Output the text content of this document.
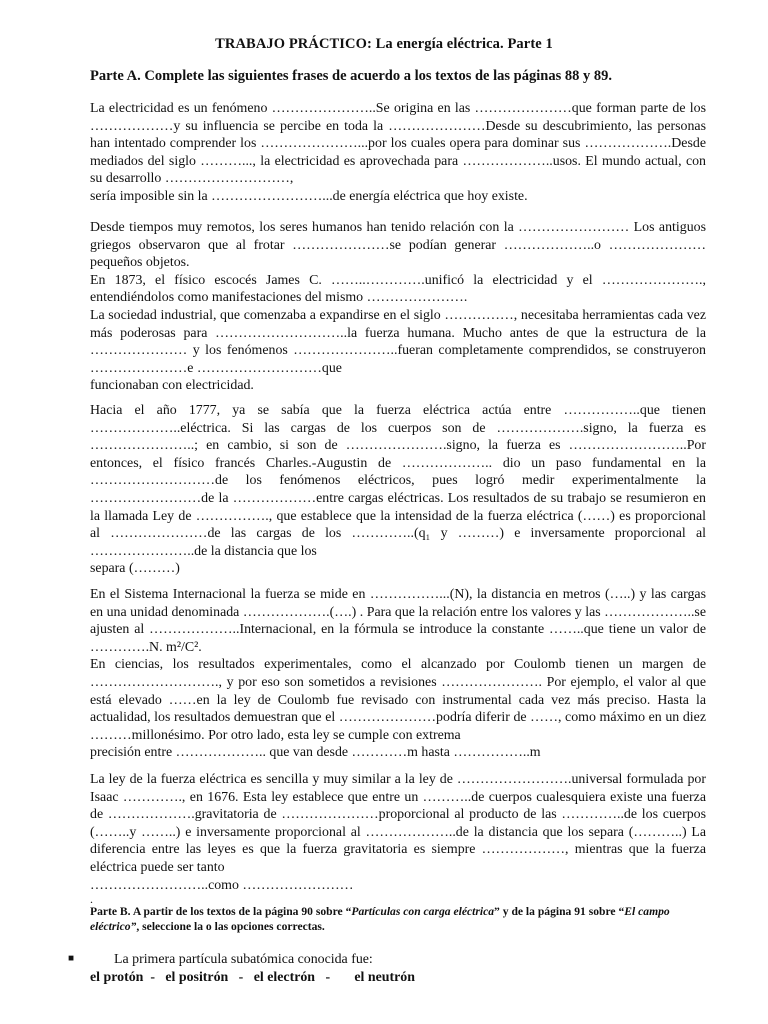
TRABAJO PRÁCTICO: La energía eléctrica. Parte 1
Parte A. Complete las siguientes frases de acuerdo a los textos de las páginas 88 y 89.

La electricidad es un fenómeno …………………..Se origina en las …………………que forman parte de los ………………y su influencia se percibe en toda la …………………Desde su descubrimiento, las personas han intentado comprender los …………………...por los cuales opera para dominar sus ……………….Desde mediados del siglo ………..., la electricidad es aprovechada para ………………..usos. El mundo actual, con su desarrollo ………………………,

sería imposible sin la ……………………...de energía eléctrica que hoy existe.

Desde tiempos muy remotos, los seres humanos han tenido relación con la …………………… Los antiguos griegos observaron que al frotar …………………se podían generar ………………..o …………………pequeños objetos.

En 1873, el físico escocés James C. ……..………….unificó la electricidad y el …………………., entendiéndolos como manifestaciones del mismo ………………….

La sociedad industrial, que comenzaba a expandirse en el siglo ……………, necesitaba herramientas cada vez más poderosas para ………………………..la fuerza humana. Mucho antes de que la estructura de la ………………… y los fenómenos …………………..fueran completamente comprendidos, se construyeron …………………e ………………………que

funcionaban con electricidad.

Hacia el año 1777, ya se sabía que la fuerza eléctrica actúa entre ……………..que tienen ………………..eléctrica. Si las cargas de los cuerpos son de ……………….signo, la fuerza es …………………..; en cambio, si son de ………………….signo, la fuerza es ……………………..Por entonces, el físico francés Charles.-Augustin de ……………….. dio un paso fundamental en la ………………………de los fenómenos eléctricos, pues logró medir experimentalmente la ……………………de la ………………entre cargas eléctricas. Los resultados de su trabajo se resumieron en la llamada Ley de ……………., que establece que la intensidad de la fuerza eléctrica (……) es proporcional al …………………de las cargas de los …………..(q₁ y ………) e inversamente proporcional al …………………..de la distancia que los

separa (………)

En el Sistema Internacional la fuerza se mide en ……………...(N), la distancia en metros (…..) y las cargas en una unidad denominada ……………….(….) . Para que la relación entre los valores y las ………………..se ajusten al ………………..Internacional, en la fórmula se introduce la constante ……..que tiene un valor de ………….N. m²/C².

En ciencias, los resultados experimentales, como el alcanzado por Coulomb tienen un margen de ………………………., y por eso son sometidos a revisiones …………………. Por ejemplo, el valor al que está elevado ……en la ley de Coulomb fue revisado con instrumental cada vez más preciso. Hasta la actualidad, los resultados demuestran que el …………………podría diferir de ……, como máximo en un diez ………millonésimo. Por otro lado, esta ley se cumple con extrema

precisión entre ……………….. que van desde …………m hasta ……………..m

La ley de la fuerza eléctrica es sencilla y muy similar a la ley de …………………….universal formulada por Isaac …………., en 1676. Esta ley establece que entre un ………..de cuerpos cualesquiera existe una fuerza de ……………….gravitatoria de …………………proporcional al producto de las …………..de los cuerpos (……..y ……..) e inversamente proporcional al ………………..de la distancia que los separa (………..) La diferencia entre las leyes es que la fuerza gravitatoria es siempre ………………, mientras que la fuerza eléctrica puede ser tanto

……………………..como ……………………

.
Parte B. A partir de los textos de la página 90 sobre “Partículas con carga eléctrica” y de la página 91 sobre “El campo eléctrico”, seleccione la o las opciones correctas.
■	La primera partícula subatómica conocida fue:
el protón  -   el positrón   -   el electrón   -       el neutrón
